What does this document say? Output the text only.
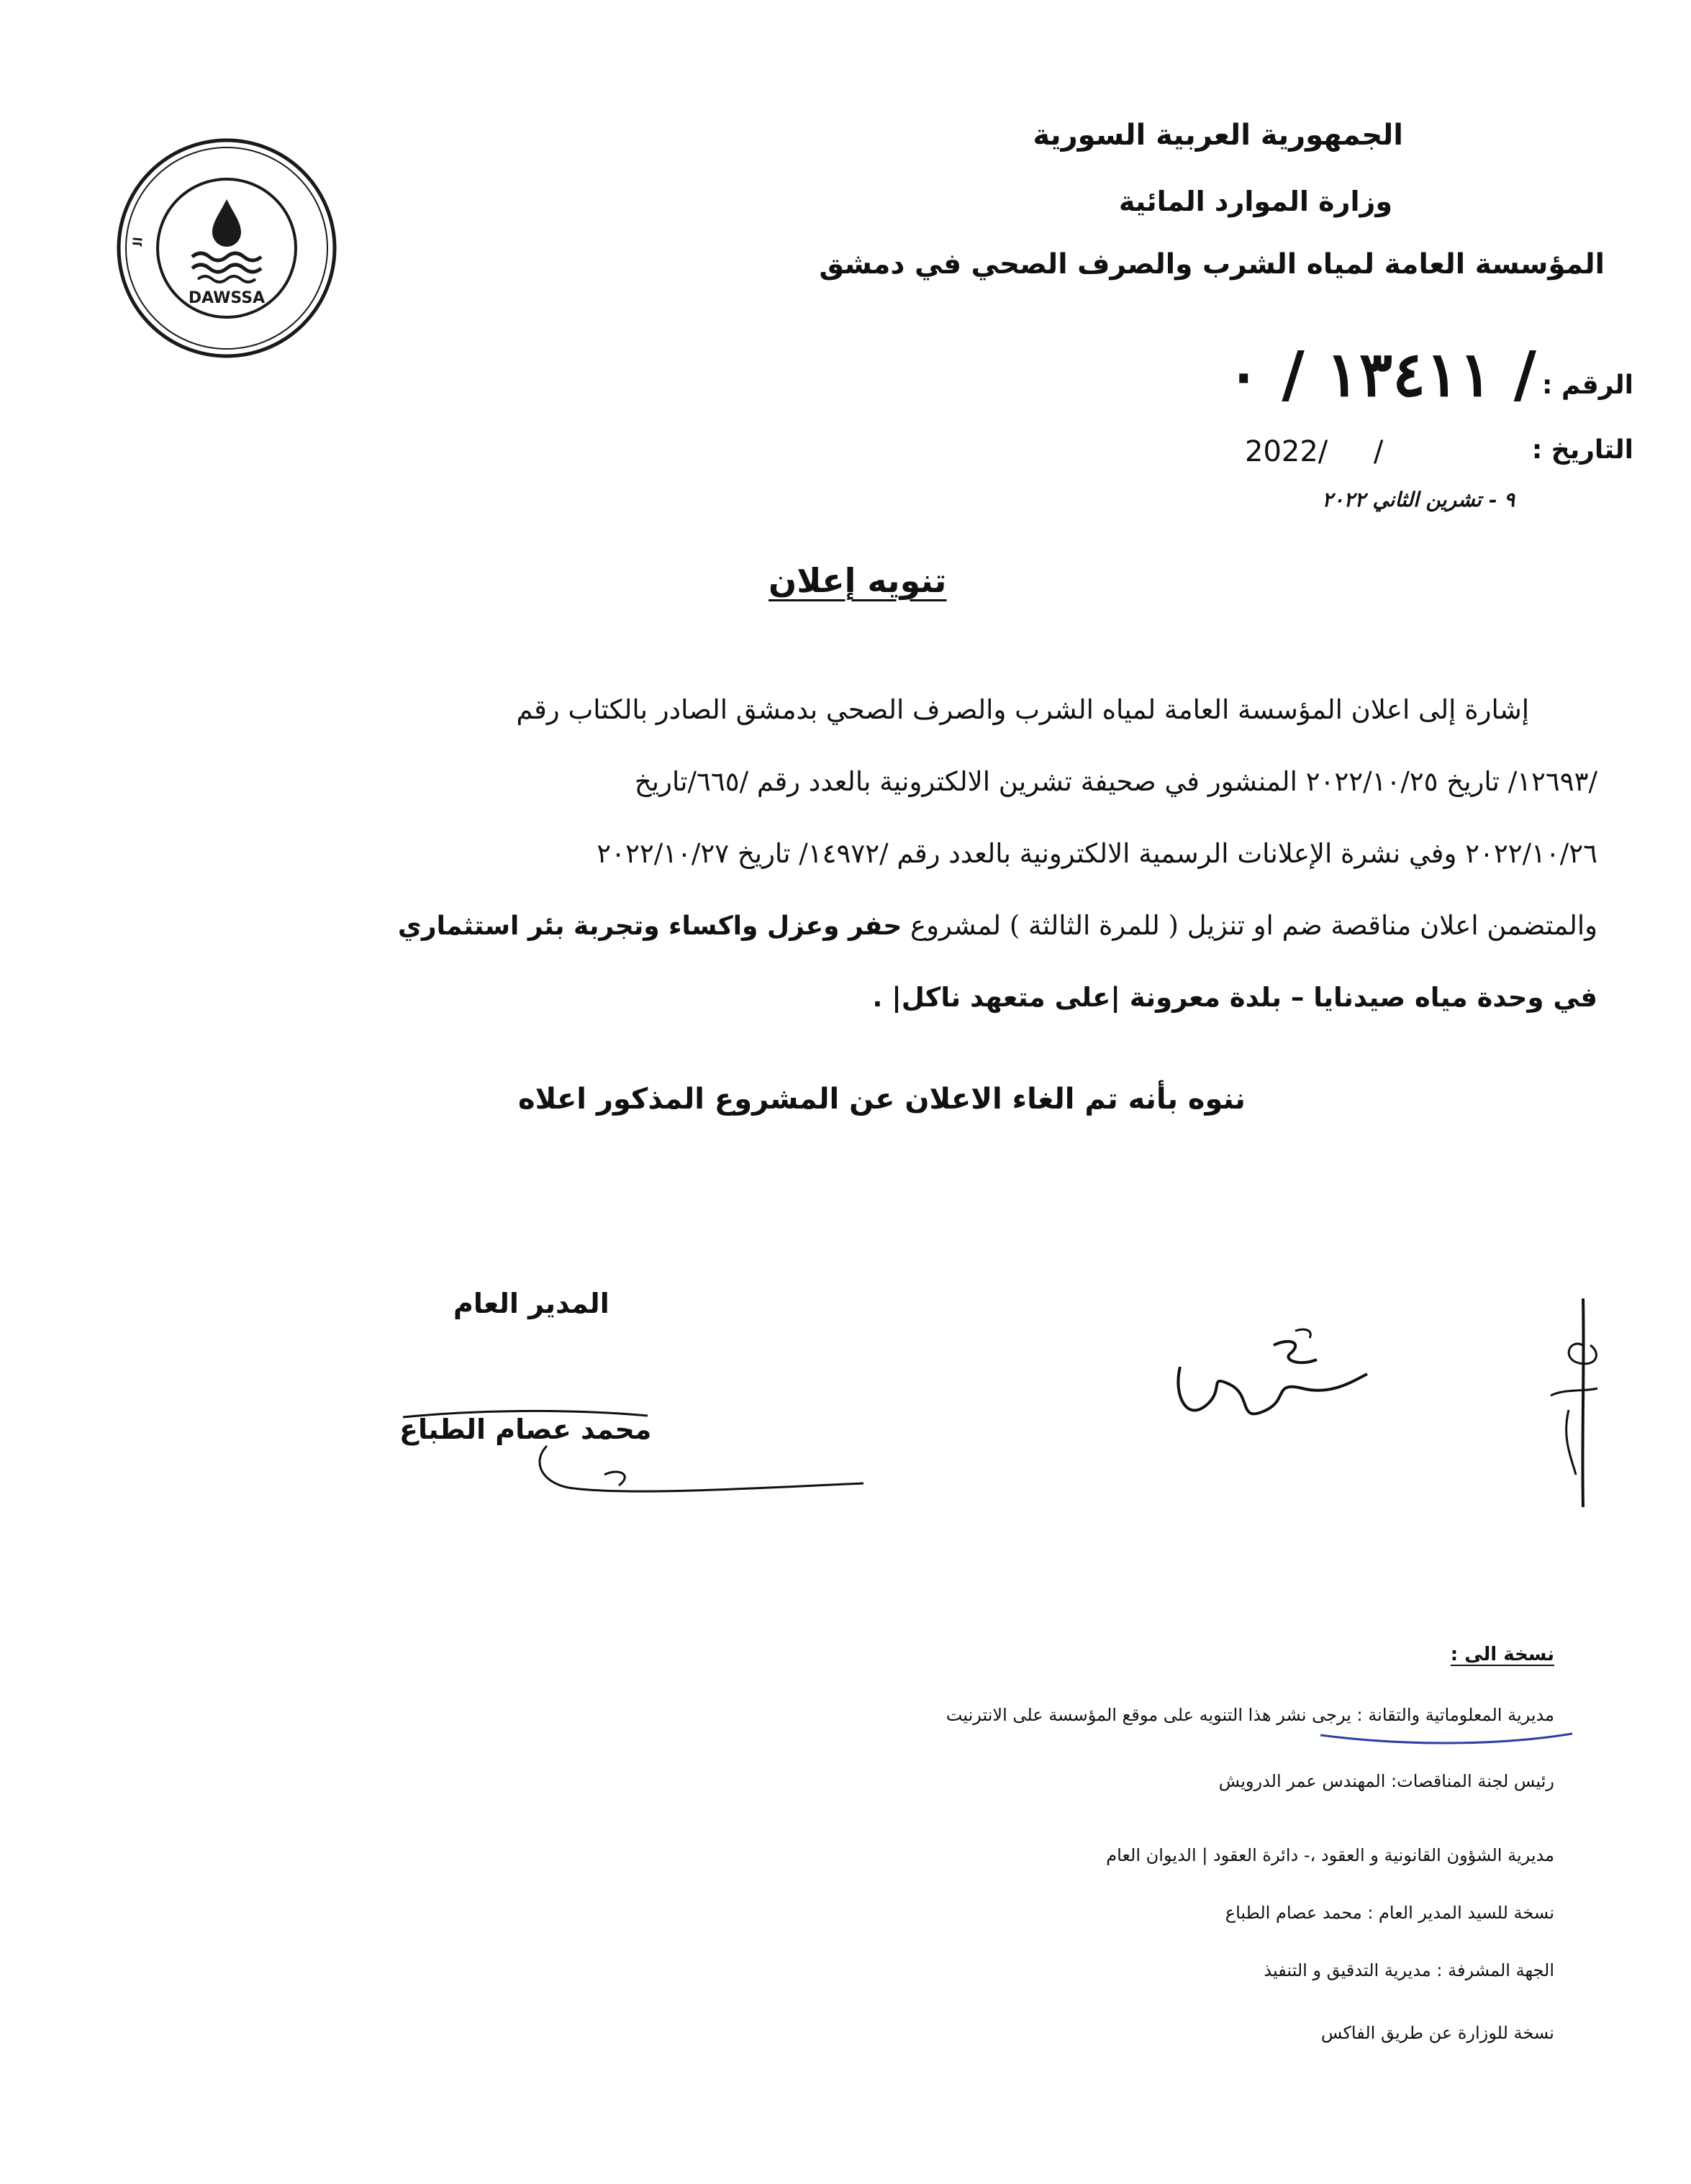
الجمهورية العربية السورية
وزارة الموارد المائية
المؤسسة العامة لمياه الشرب والصرف الصحي في دمشق
ال
DAWSSA
الرقم :
/ ١٣٤١١ / ٠
التاريخ :
2022/     /
٩ - تشرين الثاني ٢٠٢٢
تنويه إعلان
إشارة إلى اعلان المؤسسة العامة لمياه الشرب والصرف الصحي بدمشق الصادر بالكتاب رقم
/١٢٦٩٣/ تاريخ ٢٠٢٢/١٠/٢٥ المنشور في صحيفة تشرين الالكترونية بالعدد رقم /٦٦٥/تاريخ
٢٠٢٢/١٠/٢٦ وفي نشرة الإعلانات الرسمية الالكترونية بالعدد رقم /١٤٩٧٢/ تاريخ ٢٠٢٢/١٠/٢٧
والمتضمن اعلان مناقصة ضم او تنزيل ( للمرة الثالثة ) لمشروع حفر وعزل واكساء وتجربة بئر استثماري
في وحدة مياه صيدنايا – بلدة معرونة |على متعهد ناكل| .
ننوه بأنه تم الغاء الاعلان عن المشروع المذكور اعلاه
المدير العام
محمد عصام الطباع
نسخة الى :
مديرية المعلوماتية والتقانة : يرجى نشر هذا التنويه على موقع المؤسسة على الانترنيت
رئيس لجنة المناقصات: المهندس عمر الدرويش
مديرية الشؤون القانونية و العقود ،- دائرة العقود | الديوان العام
نسخة للسيد المدير العام : محمد عصام الطباع
الجهة المشرفة : مديرية التدقيق و التنفيذ
نسخة للوزارة عن طريق الفاكس
